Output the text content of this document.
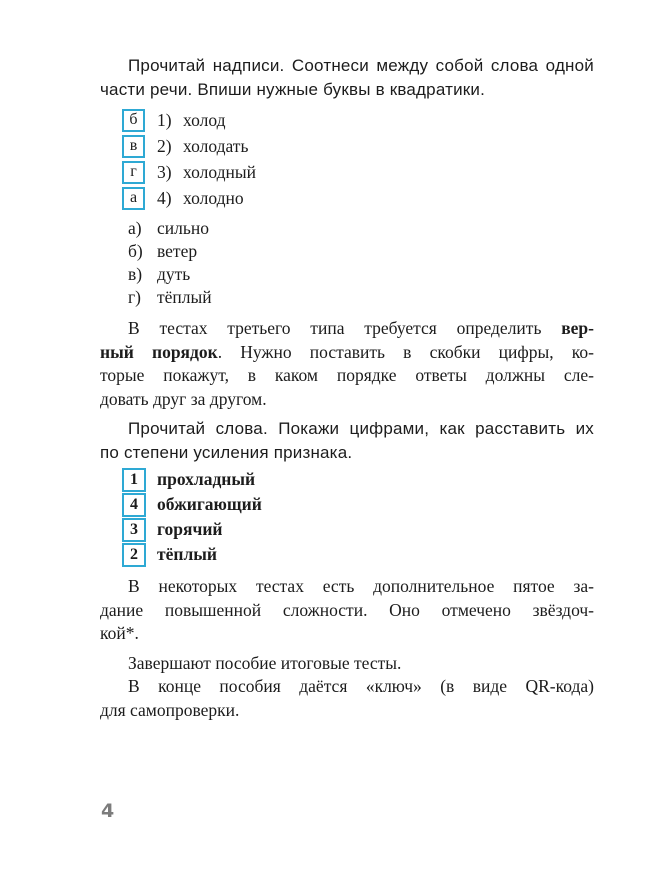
Прочитай надписи. Соотнеси между собой слова одной
части речи. Впиши нужные буквы в квадратики.
б	1) холод
в	2) холодать
г	3) холодный
а	4) холодно
а) сильно
б) ветер
в) дуть
г) тёплый
В тестах третьего типа требуется определить вер-
ный порядок. Нужно поставить в скобки цифры, ко-
торые покажут, в каком порядке ответы должны сле-
довать друг за другом.
Прочитай слова. Покажи цифрами, как расставить их
по степени усиления признака.
1	прохладный
4	обжигающий
3	горячий
2	тёплый
В некоторых тестах есть дополнительное пятое за-
дание повышенной сложности. Оно отмечено звёздоч-
кой*.
Завершают пособие итоговые тесты.
В конце пособия даётся «ключ» (в виде QR-кода)
для самопроверки.
4
